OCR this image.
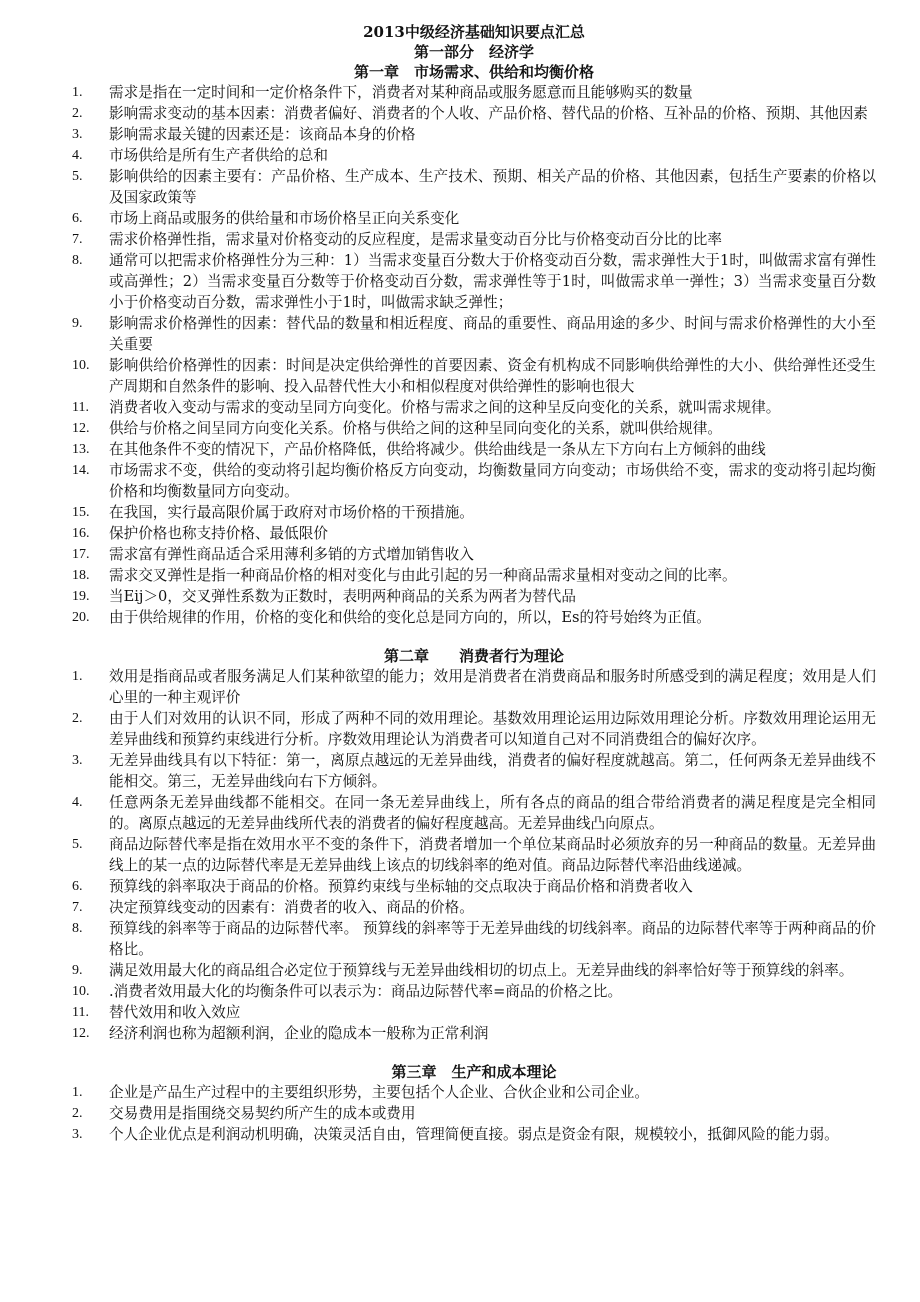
2013中级经济基础知识要点汇总
第一部分　经济学
第一章　市场需求、供给和均衡价格
1.	需求是指在一定时间和一定价格条件下，消费者对某种商品或服务愿意而且能够购买的数量
2.	影响需求变动的基本因素：消费者偏好、消费者的个人收、产品价格、替代品的价格、互补品的价格、预期、其他因素
3.	影响需求最关键的因素还是：该商品本身的价格
4.	市场供给是所有生产者供给的总和
5.	影响供给的因素主要有：产品价格、生产成本、生产技术、预期、相关产品的价格、其他因素，包括生产要素的价格以及国家政策等
6.	市场上商品或服务的供给量和市场价格呈正向关系变化
7.	需求价格弹性指，需求量对价格变动的反应程度，是需求量变动百分比与价格变动百分比的比率
8.	通常可以把需求价格弹性分为三种：1）当需求变量百分数大于价格变动百分数，需求弹性大于1时，叫做需求富有弹性或高弹性；2）当需求变量百分数等于价格变动百分数，需求弹性等于1时，叫做需求单一弹性；3）当需求变量百分数小于价格变动百分数，需求弹性小于1时，叫做需求缺乏弹性；
9.	影响需求价格弹性的因素：替代品的数量和相近程度、商品的重要性、商品用途的多少、时间与需求价格弹性的大小至关重要
10.	影响供给价格弹性的因素：时间是决定供给弹性的首要因素、资金有机构成不同影响供给弹性的大小、供给弹性还受生产周期和自然条件的影响、投入品替代性大小和相似程度对供给弹性的影响也很大
11.	消费者收入变动与需求的变动呈同方向变化。价格与需求之间的这种呈反向变化的关系，就叫需求规律。
12.	供给与价格之间呈同方向变化关系。价格与供给之间的这种呈同向变化的关系，就叫供给规律。
13.	在其他条件不变的情况下，产品价格降低，供给将减少。供给曲线是一条从左下方向右上方倾斜的曲线
14.	市场需求不变，供给的变动将引起均衡价格反方向变动，均衡数量同方向变动；市场供给不变，需求的变动将引起均衡价格和均衡数量同方向变动。
15.	在我国，实行最高限价属于政府对市场价格的干预措施。
16.	保护价格也称支持价格、最低限价
17.	需求富有弹性商品适合采用薄利多销的方式增加销售收入
18.	需求交叉弹性是指一种商品价格的相对变化与由此引起的另一种商品需求量相对变动之间的比率。
19.	当Eij＞0，交叉弹性系数为正数时，表明两种商品的关系为两者为替代品
20.	由于供给规律的作用，价格的变化和供给的变化总是同方向的，所以，Es的符号始终为正值。
第二章　　消费者行为理论
1.	效用是指商品或者服务满足人们某种欲望的能力；效用是消费者在消费商品和服务时所感受到的满足程度；效用是人们心里的一种主观评价
2.	由于人们对效用的认识不同，形成了两种不同的效用理论。基数效用理论运用边际效用理论分析。序数效用理论运用无差异曲线和预算约束线进行分析。序数效用理论认为消费者可以知道自己对不同消费组合的偏好次序。
3.	无差异曲线具有以下特征：第一，离原点越远的无差异曲线，消费者的偏好程度就越高。第二，任何两条无差异曲线不能相交。第三，无差异曲线向右下方倾斜。
4.	任意两条无差异曲线都不能相交。在同一条无差异曲线上，所有各点的商品的组合带给消费者的满足程度是完全相同的。离原点越远的无差异曲线所代表的消费者的偏好程度越高。无差异曲线凸向原点。
5.	商品边际替代率是指在效用水平不变的条件下，消费者增加一个单位某商品时必须放弃的另一种商品的数量。无差异曲线上的某一点的边际替代率是无差异曲线上该点的切线斜率的绝对值。商品边际替代率沿曲线递减。
6.	预算线的斜率取决于商品的价格。预算约束线与坐标轴的交点取决于商品价格和消费者收入
7.	决定预算线变动的因素有：消费者的收入、商品的价格。
8.	预算线的斜率等于商品的边际替代率。 预算线的斜率等于无差异曲线的切线斜率。商品的边际替代率等于两种商品的价格比。
9.	满足效用最大化的商品组合必定位于预算线与无差异曲线相切的切点上。无差异曲线的斜率恰好等于预算线的斜率。
10.	.消费者效用最大化的均衡条件可以表示为：商品边际替代率=商品的价格之比。
11.	替代效用和收入效应
12.	经济利润也称为超额利润，企业的隐成本一般称为正常利润
第三章　生产和成本理论
1.	企业是产品生产过程中的主要组织形势，主要包括个人企业、合伙企业和公司企业。
2.	交易费用是指围绕交易契约所产生的成本或费用
3.	个人企业优点是利润动机明确，决策灵活自由，管理简便直接。弱点是资金有限，规模较小，抵御风险的能力弱。
